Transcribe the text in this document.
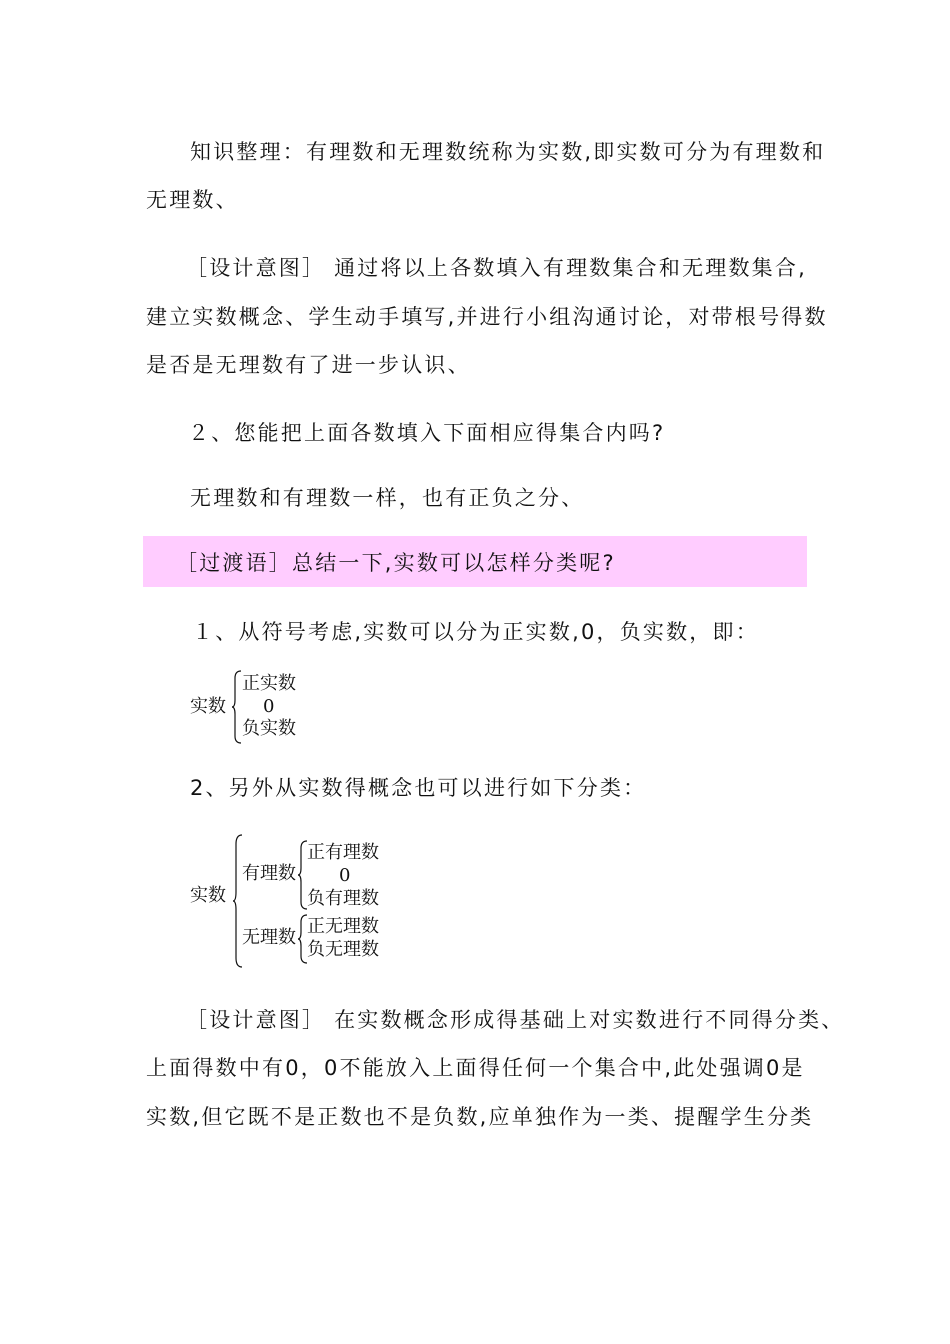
知识整理：有理数和无理数统称为实数,即实数可分为有理数和
无理数、
［设计意图］ 通过将以上各数填入有理数集合和无理数集合,
建立实数概念、学生动手填写,并进行小组沟通讨论，对带根号得数
是否是无理数有了进一步认识、
２、您能把上面各数填入下面相应得集合内吗?
无理数和有理数一样，也有正负之分、
［过渡语］总结一下,实数可以怎样分类呢?
１、从符号考虑,实数可以分为正实数,0，负实数，即：
实数
正实数
0
负实数
2、另外从实数得概念也可以进行如下分类：
实数
有理数
正有理数
0
负有理数
无理数
正无理数
负无理数
［设计意图］ 在实数概念形成得基础上对实数进行不同得分类、
上面得数中有0，0不能放入上面得任何一个集合中,此处强调0是
实数,但它既不是正数也不是负数,应单独作为一类、提醒学生分类
